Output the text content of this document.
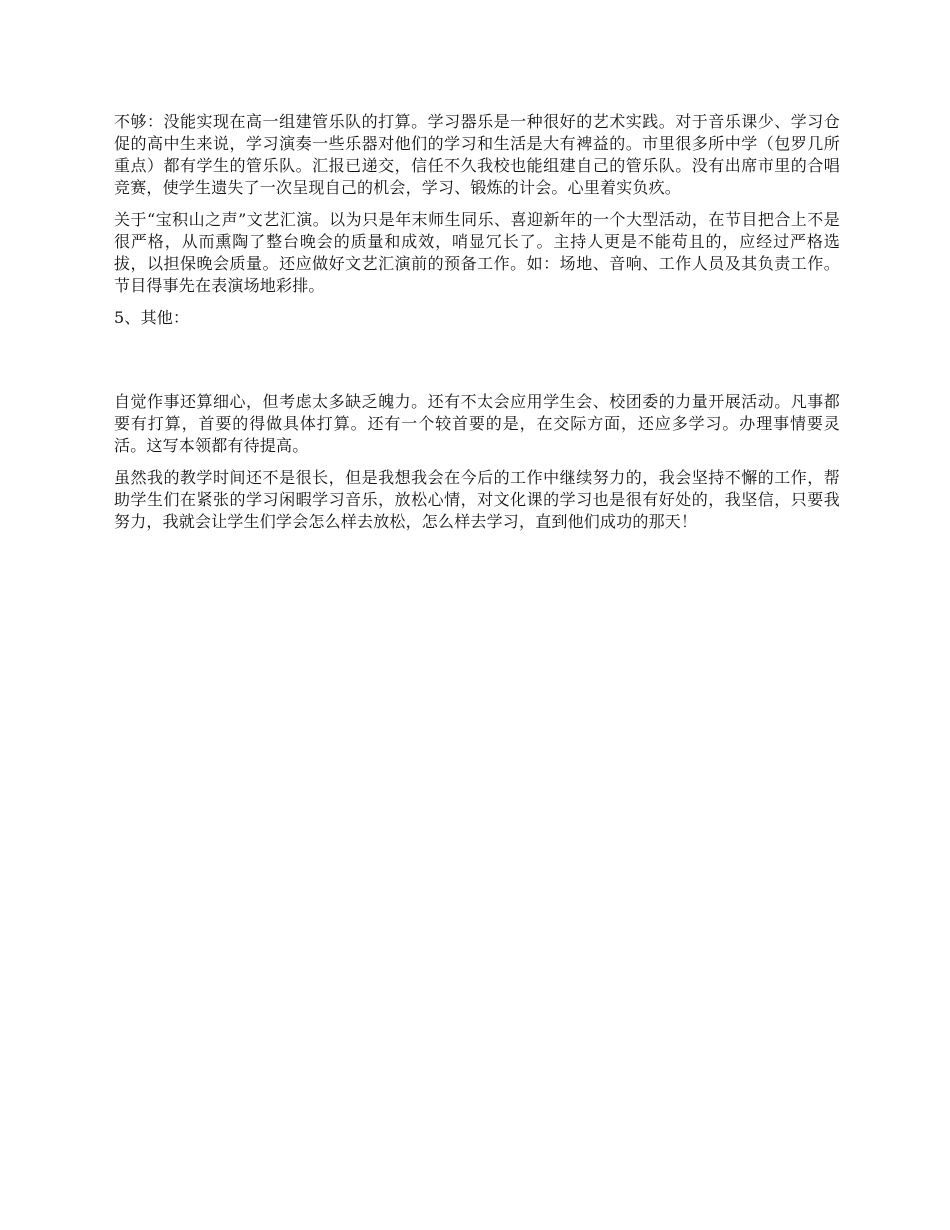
不够：没能实现在高一组建管乐队的打算。学习器乐是一种很好的艺术实践。对于音乐课少、学习仓促的高中生来说，学习演奏一些乐器对他们的学习和生活是大有裨益的。市里很多所中学（包罗几所重点）都有学生的管乐队。汇报已递交，信任不久我校也能组建自己的管乐队。没有出席市里的合唱竞赛，使学生遗失了一次呈现自己的机会，学习、锻炼的计会。心里着实负疚。

关于“宝积山之声”文艺汇演。以为只是年末师生同乐、喜迎新年的一个大型活动，在节目把合上不是很严格，从而熏陶了整台晚会的质量和成效，哨显冗长了。主持人更是不能苟且的，应经过严格选拔，以担保晚会质量。还应做好文艺汇演前的预备工作。如：场地、音响、工作人员及其负责工作。节目得事先在表演场地彩排。

5、其他：

自觉作事还算细心，但考虑太多缺乏魄力。还有不太会应用学生会、校团委的力量开展活动。凡事都要有打算，首要的得做具体打算。还有一个较首要的是，在交际方面，还应多学习。办理事情要灵活。这写本领都有待提高。

虽然我的教学时间还不是很长，但是我想我会在今后的工作中继续努力的，我会坚持不懈的工作，帮助学生们在紧张的学习闲暇学习音乐，放松心情，对文化课的学习也是很有好处的，我坚信，只要我努力，我就会让学生们学会怎么样去放松，怎么样去学习，直到他们成功的那天！
